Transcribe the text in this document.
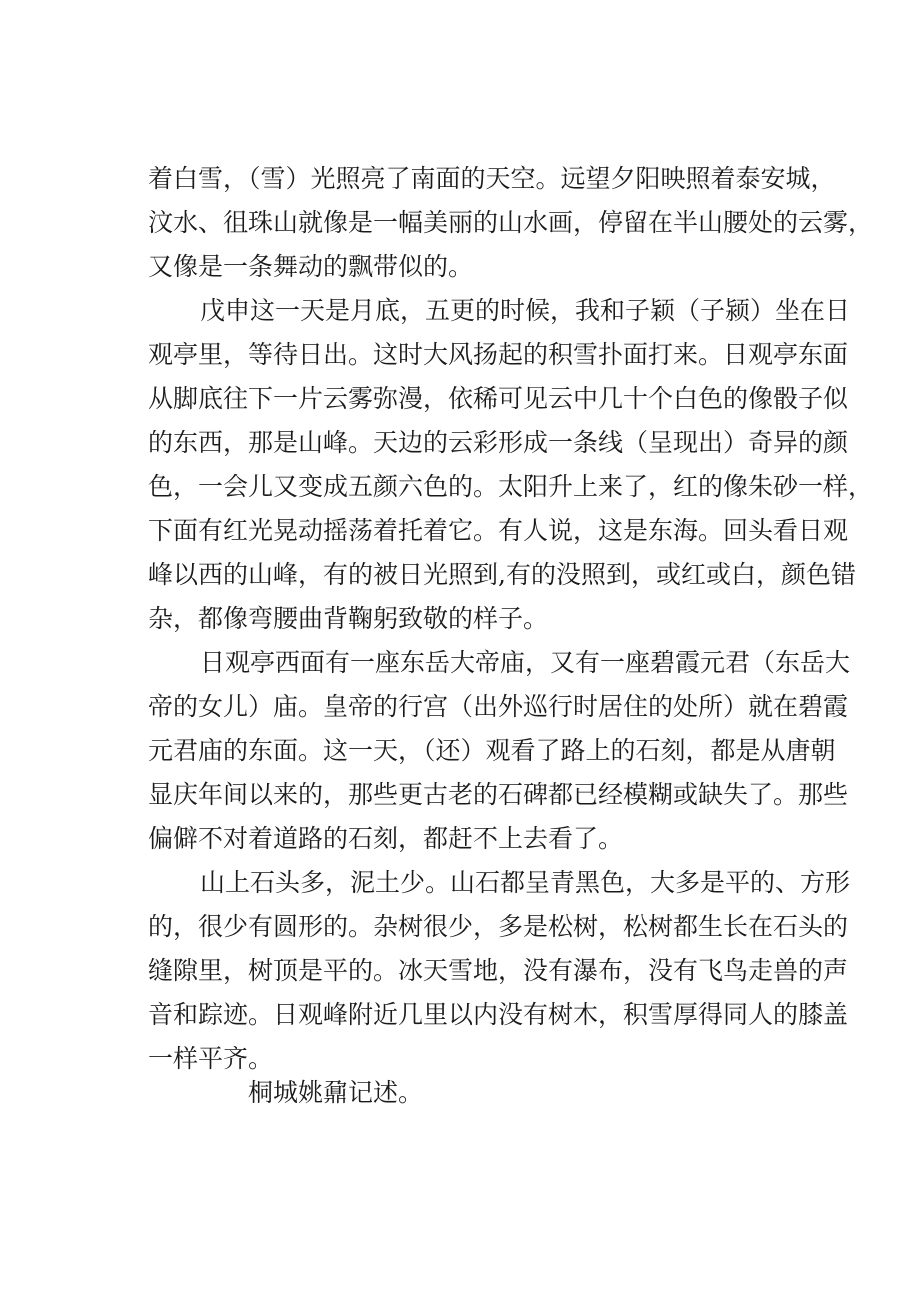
着白雪，（雪）光照亮了南面的天空。远望夕阳映照着泰安城，
汶水、徂珠山就像是一幅美丽的山水画，停留在半山腰处的云雾，
又像是一条舞动的飘带似的。
戊申这一天是月底，五更的时候，我和子颖（子颍）坐在日
观亭里，等待日出。这时大风扬起的积雪扑面打来。日观亭东面
从脚底往下一片云雾弥漫，依稀可见云中几十个白色的像骰子似
的东西，那是山峰。天边的云彩形成一条线（呈现出）奇异的颜
色，一会儿又变成五颜六色的。太阳升上来了，红的像朱砂一样，
下面有红光晃动摇荡着托着它。有人说，这是东海。回头看日观
峰以西的山峰，有的被日光照到,有的没照到，或红或白，颜色错
杂，都像弯腰曲背鞠躬致敬的样子。
日观亭西面有一座东岳大帝庙，又有一座碧霞元君（东岳大
帝的女儿）庙。皇帝的行宫（出外巡行时居住的处所）就在碧霞
元君庙的东面。这一天，（还）观看了路上的石刻，都是从唐朝
显庆年间以来的，那些更古老的石碑都已经模糊或缺失了。那些
偏僻不对着道路的石刻，都赶不上去看了。
山上石头多，泥土少。山石都呈青黑色，大多是平的、方形
的，很少有圆形的。杂树很少，多是松树，松树都生长在石头的
缝隙里，树顶是平的。冰天雪地，没有瀑布，没有飞鸟走兽的声
音和踪迹。日观峰附近几里以内没有树木，积雪厚得同人的膝盖
一样平齐。
桐城姚鼐记述。
